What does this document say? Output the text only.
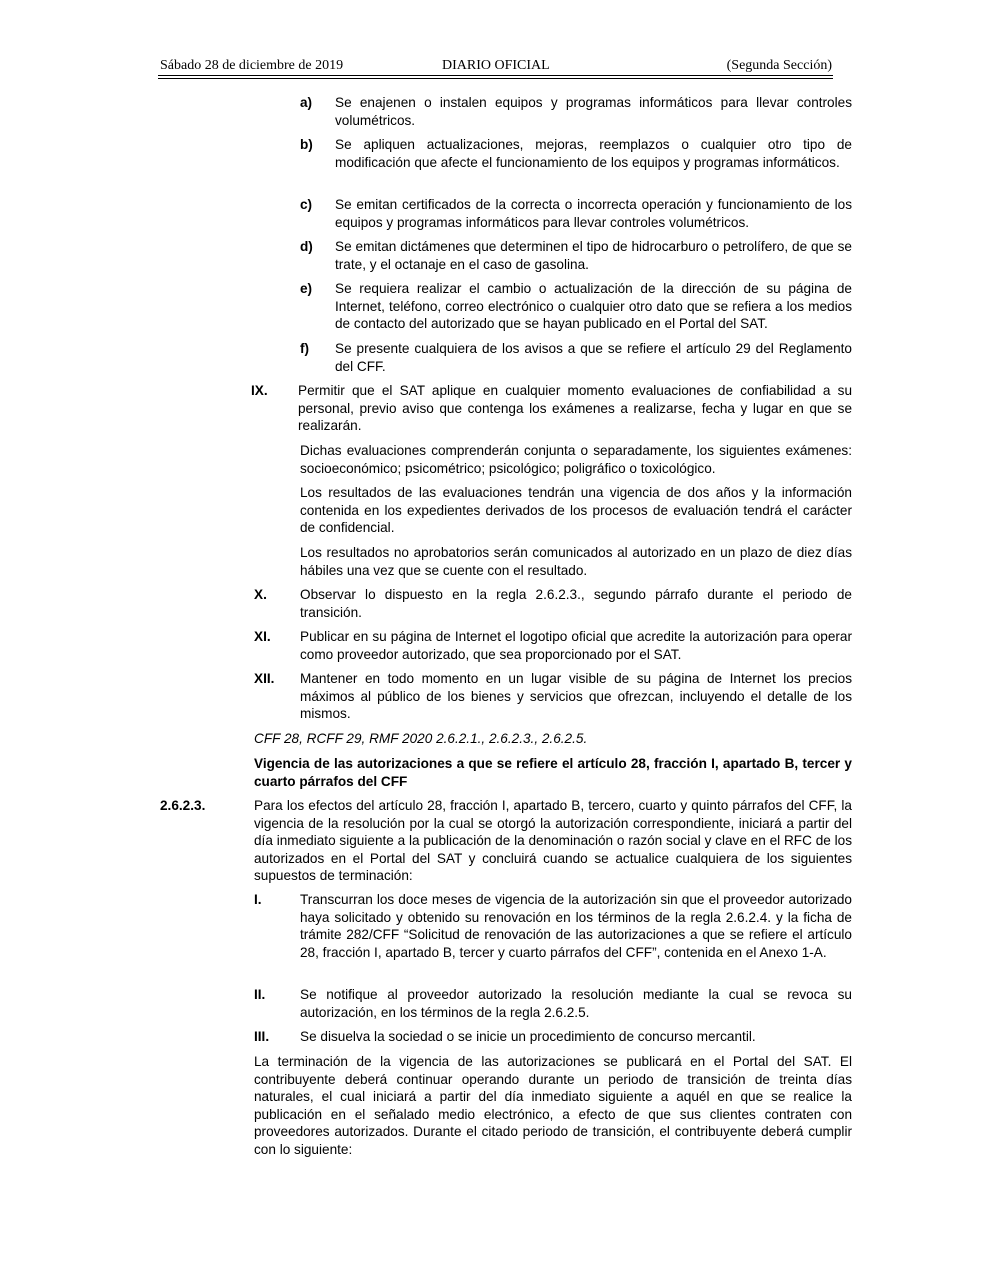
Sábado 28 de diciembre de 2019	DIARIO OFICIAL	(Segunda Sección)
a) Se enajenen o instalen equipos y programas informáticos para llevar controles volumétricos.
b) Se apliquen actualizaciones, mejoras, reemplazos o cualquier otro tipo de modificación que afecte el funcionamiento de los equipos y programas informáticos.
c) Se emitan certificados de la correcta o incorrecta operación y funcionamiento de los equipos y programas informáticos para llevar controles volumétricos.
d) Se emitan dictámenes que determinen el tipo de hidrocarburo o petrolífero, de que se trate, y el octanaje en el caso de gasolina.
e) Se requiera realizar el cambio o actualización de la dirección de su página de Internet, teléfono, correo electrónico o cualquier otro dato que se refiera a los medios de contacto del autorizado que se hayan publicado en el Portal del SAT.
f) Se presente cualquiera de los avisos a que se refiere el artículo 29 del Reglamento del CFF.
IX. Permitir que el SAT aplique en cualquier momento evaluaciones de confiabilidad a su personal, previo aviso que contenga los exámenes a realizarse, fecha y lugar en que se realizarán.
Dichas evaluaciones comprenderán conjunta o separadamente, los siguientes exámenes: socioeconómico; psicométrico; psicológico; poligráfico o toxicológico.
Los resultados de las evaluaciones tendrán una vigencia de dos años y la información contenida en los expedientes derivados de los procesos de evaluación tendrá el carácter de confidencial.
Los resultados no aprobatorios serán comunicados al autorizado en un plazo de diez días hábiles una vez que se cuente con el resultado.
X. Observar lo dispuesto en la regla 2.6.2.3., segundo párrafo durante el periodo de transición.
XI. Publicar en su página de Internet el logotipo oficial que acredite la autorización para operar como proveedor autorizado, que sea proporcionado por el SAT.
XII. Mantener en todo momento en un lugar visible de su página de Internet los precios máximos al público de los bienes y servicios que ofrezcan, incluyendo el detalle de los mismos.
CFF 28, RCFF 29, RMF 2020 2.6.2.1., 2.6.2.3., 2.6.2.5.
Vigencia de las autorizaciones a que se refiere el artículo 28, fracción I, apartado B, tercer y cuarto párrafos del CFF
2.6.2.3.	Para los efectos del artículo 28, fracción I, apartado B, tercero, cuarto y quinto párrafos del CFF, la vigencia de la resolución por la cual se otorgó la autorización correspondiente, iniciará a partir del día inmediato siguiente a la publicación de la denominación o razón social y clave en el RFC de los autorizados en el Portal del SAT y concluirá cuando se actualice cualquiera de los siguientes supuestos de terminación:
I.	Transcurran los doce meses de vigencia de la autorización sin que el proveedor autorizado haya solicitado y obtenido su renovación en los términos de la regla 2.6.2.4. y la ficha de trámite 282/CFF “Solicitud de renovación de las autorizaciones a que se refiere el artículo 28, fracción I, apartado B, tercer y cuarto párrafos del CFF”, contenida en el Anexo 1-A.
II.	Se notifique al proveedor autorizado la resolución mediante la cual se revoca su autorización, en los términos de la regla 2.6.2.5.
III. Se disuelva la sociedad o se inicie un procedimiento de concurso mercantil.
La terminación de la vigencia de las autorizaciones se publicará en el Portal del SAT. El contribuyente deberá continuar operando durante un periodo de transición de treinta días naturales, el cual iniciará a partir del día inmediato siguiente a aquél en que se realice la publicación en el señalado medio electrónico, a efecto de que sus clientes contraten con proveedores autorizados. Durante el citado periodo de transición, el contribuyente deberá cumplir con lo siguiente:
